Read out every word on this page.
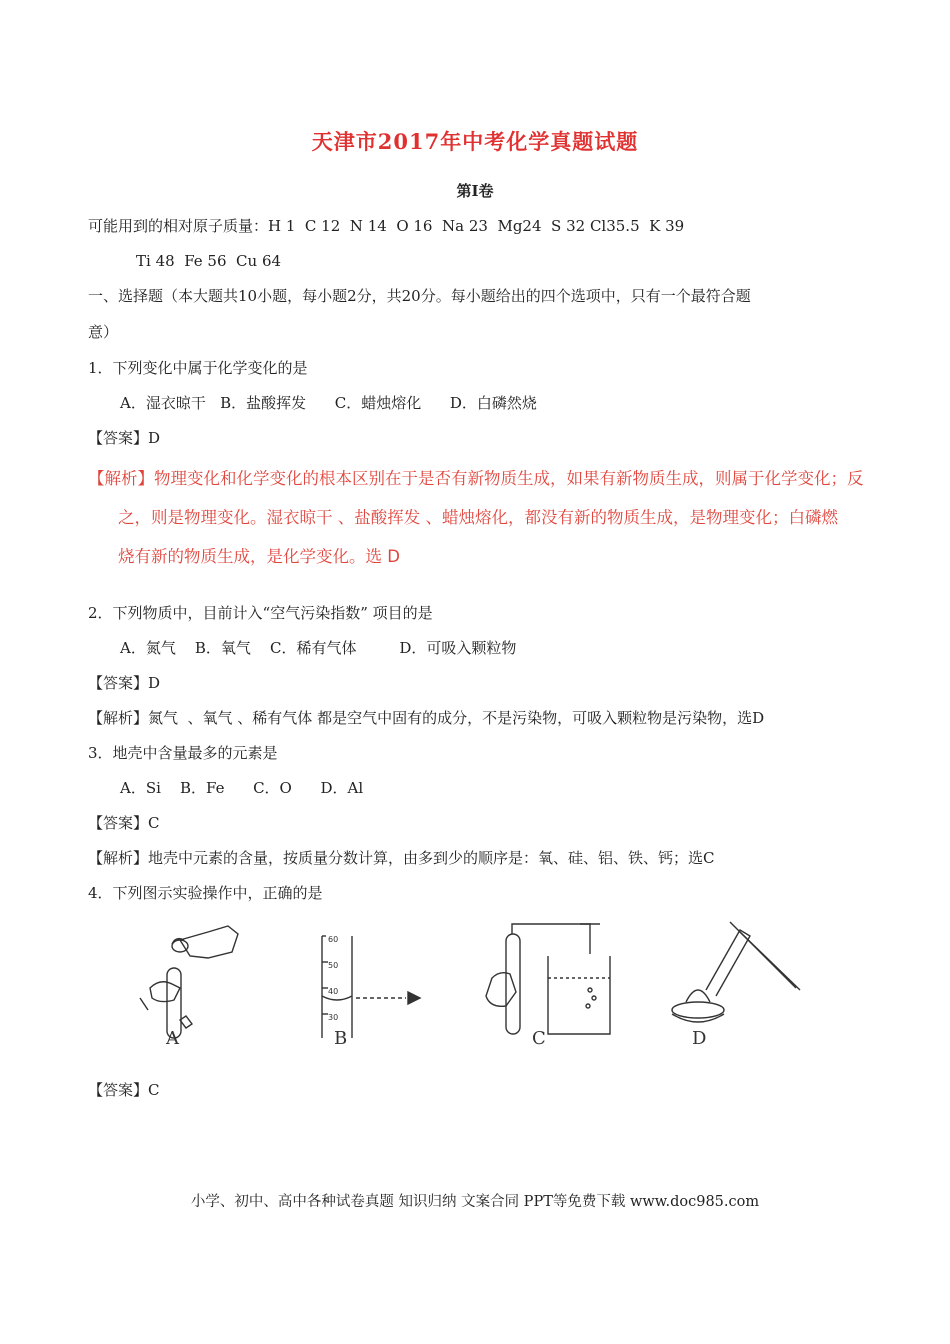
天津市2017年中考化学真题试题
第I卷
可能用到的相对原子质量：H 1  C 12  N 14  O 16  Na 23  Mg24  S 32 Cl35.5  K 39
Ti 48  Fe 56  Cu 64
一、选择题（本大题共10小题，每小题2分，共20分。每小题给出的四个选项中，只有一个最符合题
意）
1．下列变化中属于化学变化的是
A．湿衣晾干   B．盐酸挥发      C．蜡烛熔化      D．白磷然烧
【答案】D
【解析】物理变化和化学变化的根本区别在于是否有新物质生成，如果有新物质生成，则属于化学变化；反
之，则是物理变化。湿衣晾干 、盐酸挥发 、蜡烛熔化，都没有新的物质生成，是物理变化；白磷燃
烧有新的物质生成，是化学变化。选 D
2．下列物质中，目前计入“空气污染指数” 项目的是
A．氮气    B．氧气    C．稀有气体         D．可吸入颗粒物
【答案】D
【解析】氮气  、氧气 、稀有气体 都是空气中固有的成分，不是污染物，可吸入颗粒物是污染物，选D
3．地壳中含量最多的元素是
A．Si    B．Fe      C．O      D．Al
【答案】C
【解析】地壳中元素的含量，按质量分数计算，由多到少的顺序是：氧、硅、铝、铁、钙；选C
4．下列图示实验操作中，正确的是
A
60
50
40
30
B	C	D
【答案】C
小学、初中、高中各种试卷真题 知识归纳 文案合同 PPT等免费下载 www.doc985.com
